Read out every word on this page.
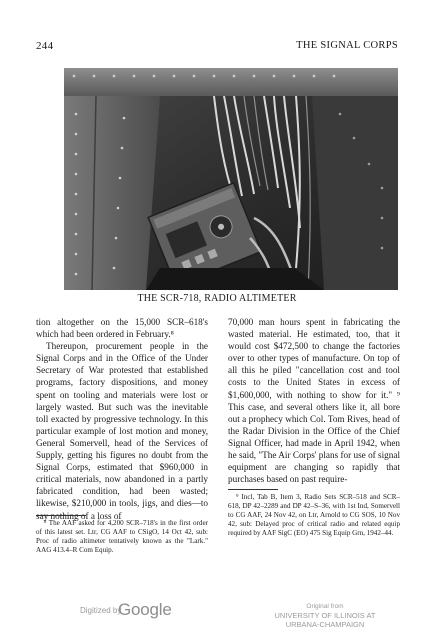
244	THE SIGNAL CORPS
THE SCR-718, RADIO ALTIMETER

tion altogether on the 15,000 SCR–618's which had been ordered in February.⁸

Thereupon, procurement people in the Signal Corps and in the Office of the Under Secretary of War protested that established programs, factory dispositions, and money spent on tooling and materials were lost or largely wasted. But such was the inevitable toll exacted by progressive technology. In this particular example of lost motion and money, General Somervell, head of the Services of Supply, getting his figures no doubt from the Signal Corps, estimated that $960,000 in critical materials, now abandoned in a partly fabricated condition, had been wasted; likewise, $210,000 in tools, jigs, and dies—to say nothing of a loss of

⁸ The AAF asked for 4,200 SCR–718's in the first order of this latest set. Ltr, CG AAF to CSigO, 14 Oct 42, sub: Proc of radio altimeter tentatively known as the "Lark." AAG 413.4–R Com Equip.

70,000 man hours spent in fabricating the wasted material. He estimated, too, that it would cost $472,500 to change the factories over to other types of manufacture. On top of all this he piled "cancellation cost and tool costs to the United States in excess of $1,600,000, with nothing to show for it." ⁹ This case, and several others like it, all bore out a prophecy which Col. Tom Rives, head of the Radar Division in the Office of the Chief Signal Officer, had made in April 1942, when he said, "The Air Corps' plans for use of signal equipment are changing so rapidly that purchases based on past require-

⁹ Incl, Tab B, Item 3, Radio Sets SCR–518 and SCR–618, DP 42–2289 and DP 42–S–36, with 1st Ind, Somervell to CG AAF, 24 Nov 42, on Ltr, Arnold to CG SOS, 10 Nov 42, sub: Delayed proc of critical radio and related equip required by AAF SigC (EO) 475 Sig Equip Grn, 1942–44.

Digitized by
Google	Original from
UNIVERSITY OF ILLINOIS AT
URBANA-CHAMPAIGN
